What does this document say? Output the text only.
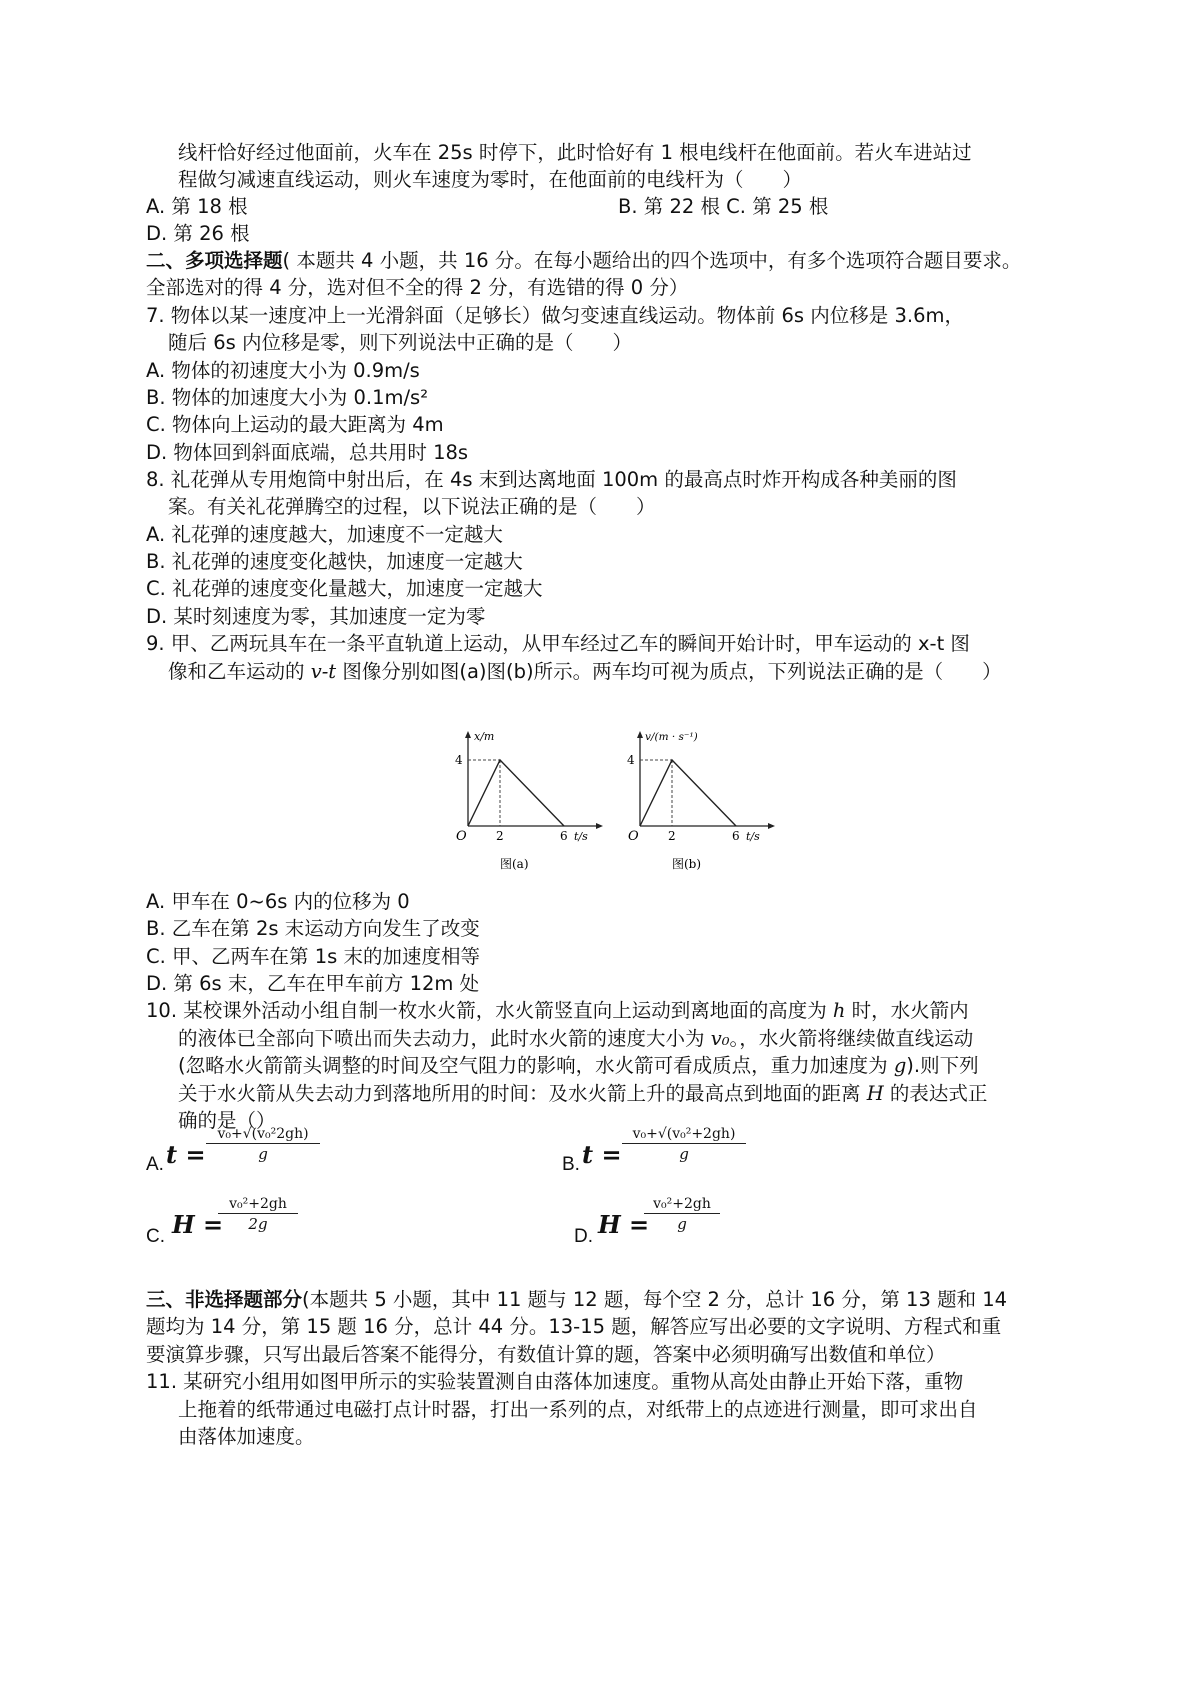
线杆恰好经过他面前，火车在 25s 时停下，此时恰好有 1 根电线杆在他面前。若火车进站过
程做匀减速直线运动，则火车速度为零时，在他面前的电线杆为（　　）
A. 第 18 根	B. 第 22 根 C. 第 25 根
D. 第 26 根
二、多项选择题( 本题共 4 小题，共 16 分。在每小题给出的四个选项中，有多个选项符合题目要求。
全部选对的得 4 分，选对但不全的得 2 分，有选错的得 0 分）
7. 物体以某一速度冲上一光滑斜面（足够长）做匀变速直线运动。物体前 6s 内位移是 3.6m，
随后 6s 内位移是零，则下列说法中正确的是（　　）
A. 物体的初速度大小为 0.9m/s
B. 物体的加速度大小为 0.1m/s²
C. 物体向上运动的最大距离为 4m
D. 物体回到斜面底端，总共用时 18s
8. 礼花弹从专用炮筒中射出后，在 4s 末到达离地面 100m 的最高点时炸开构成各种美丽的图
案。有关礼花弹腾空的过程，以下说法正确的是（　　）
A. 礼花弹的速度越大，加速度不一定越大
B. 礼花弹的速度变化越快，加速度一定越大
C. 礼花弹的速度变化量越大，加速度一定越大
D. 某时刻速度为零，其加速度一定为零
9. 甲、乙两玩具车在一条平直轨道上运动，从甲车经过乙车的瞬间开始计时，甲车运动的 x-t 图
像和乙车运动的 v-t 图像分别如图(a)图(b)所示。两车均可视为质点，下列说法正确的是（　　）
x/m
4
O 2	6 t/s
图(a)
v/(m · s⁻¹)
4
O 2	6 t/s
图(b)
A. 甲车在 0~6s 内的位移为 0
B. 乙车在第 2s 末运动方向发生了改变
C. 甲、乙两车在第 1s 末的加速度相等
D. 第 6s 末，乙车在甲车前方 12m 处
10. 某校课外活动小组自制一枚水火箭，水火箭竖直向上运动到离地面的高度为 h 时，水火箭内
的液体已全部向下喷出而失去动力，此时水火箭的速度大小为 v₀。，水火箭将继续做直线运动
(忽略水火箭箭头调整的时间及空气阻力的影响，水火箭可看成质点，重力加速度为 g).则下列
关于水火箭从失去动力到落地所用的时间：及水火箭上升的最高点到地面的距离 H 的表达式正
确的是（）
A. $t = \frac{\text{v₀+√(v₀²2gh)}}{g}$
B. $t = \frac{\text{v₀+√(v₀²+2gh)}}{g}$
C. H =
$\frac{\text{v₀²+2gh}}{2g}$
D. H =
$\frac{\text{v₀²+2gh}}{g}$
三、非选择题部分(本题共 5 小题，其中 11 题与 12 题，每个空 2 分，总计 16 分，第 13 题和 14
题均为 14 分，第 15 题 16 分，总计 44 分。13-15 题，解答应写出必要的文字说明、方程式和重
要演算步骤，只写出最后答案不能得分，有数值计算的题，答案中必须明确写出数值和单位）
11. 某研究小组用如图甲所示的实验装置测自由落体加速度。重物从高处由静止开始下落，重物
上拖着的纸带通过电磁打点计时器，打出一系列的点，对纸带上的点迹进行测量，即可求出自
由落体加速度。
